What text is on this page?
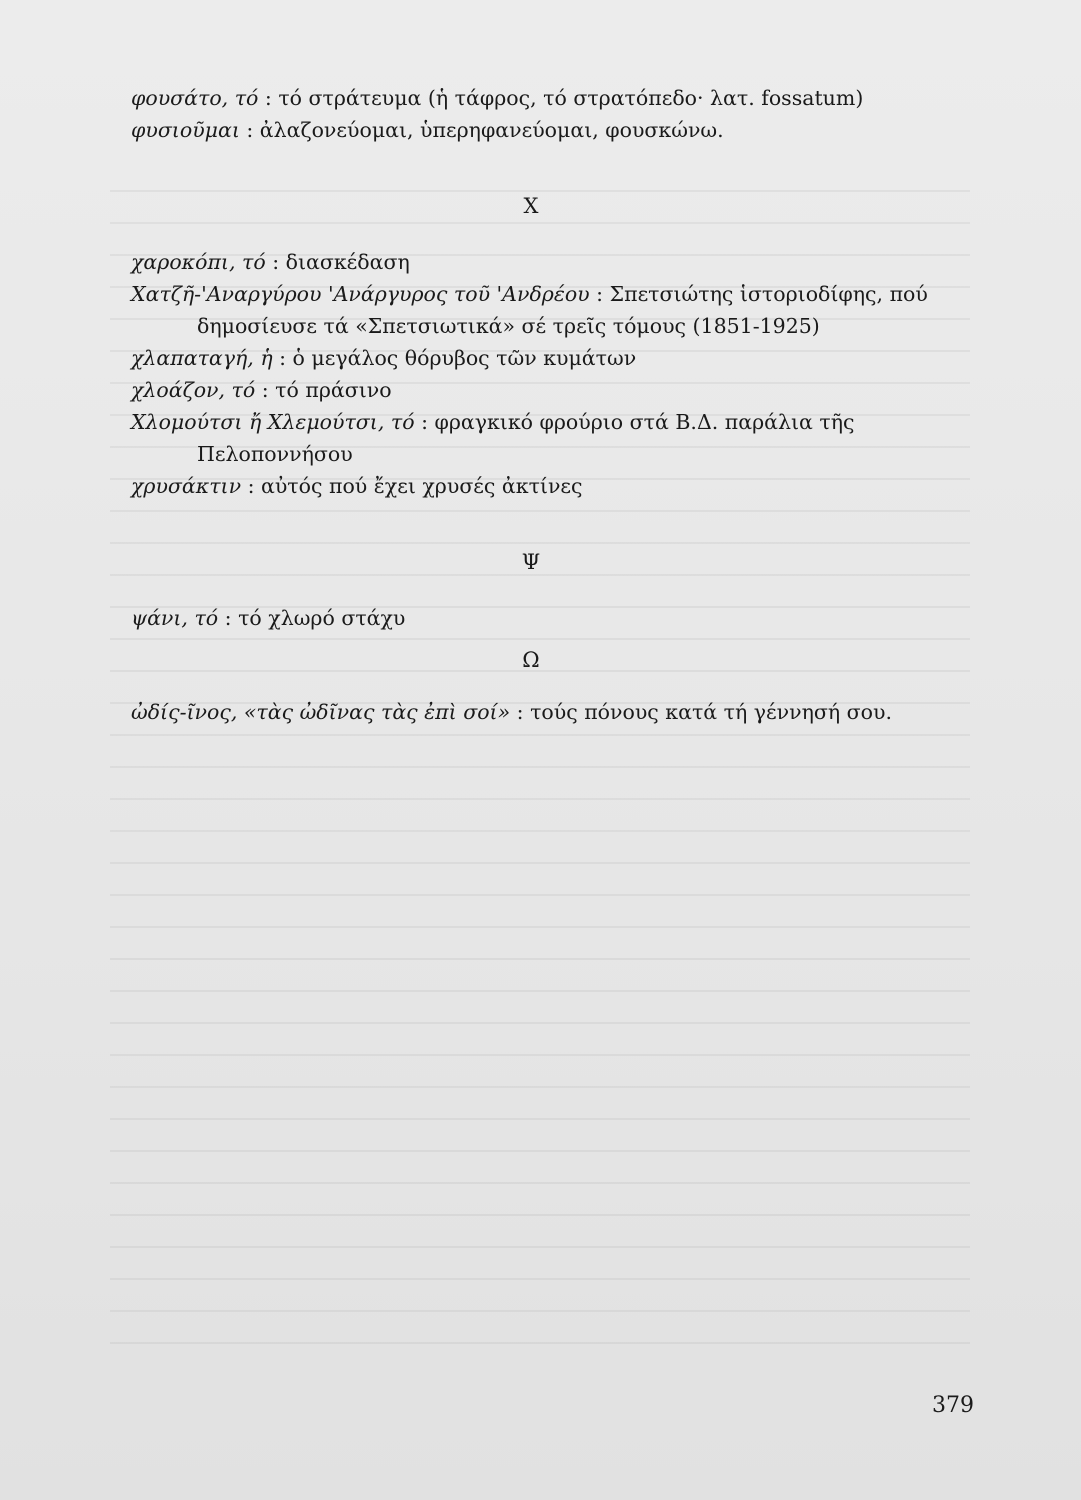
φουσάτο, τό : τό στράτευμα (ἡ τάφρος, τό στρατόπεδο· λατ. fossatum)
φυσιοῦμαι : ἀλαζονεύομαι, ὑπερηφανεύομαι, φουσκώνω.
Χ
χαροκόπι, τό : διασκέδαση
Χατζῆ-'Αναργύρου 'Ανάργυρος τοῦ 'Ανδρέου : Σπετσιώτης ἱστοριοδίφης, πού δημοσίευσε τά «Σπετσιωτικά» σέ τρεῖς τόμους (1851-1925)
χλαπαταγή, ἡ : ὁ μεγάλος θόρυβος τῶν κυμάτων
χλοάζον, τό : τό πράσινο
Χλομούτσι ἤ Χλεμούτσι, τό : φραγκικό φρούριο στά Β.Δ. παράλια τῆς Πελοποννήσου
χρυσάκτιν : αὐτός πού ἔχει χρυσές ἀκτίνες
Ψ
ψάνι, τό : τό χλωρό στάχυ
Ω
ὠδίς-ῖνος, «τὰς ὠδῖνας τὰς ἐπὶ σοί» : τούς πόνους κατά τή γέννησή σου.
379
